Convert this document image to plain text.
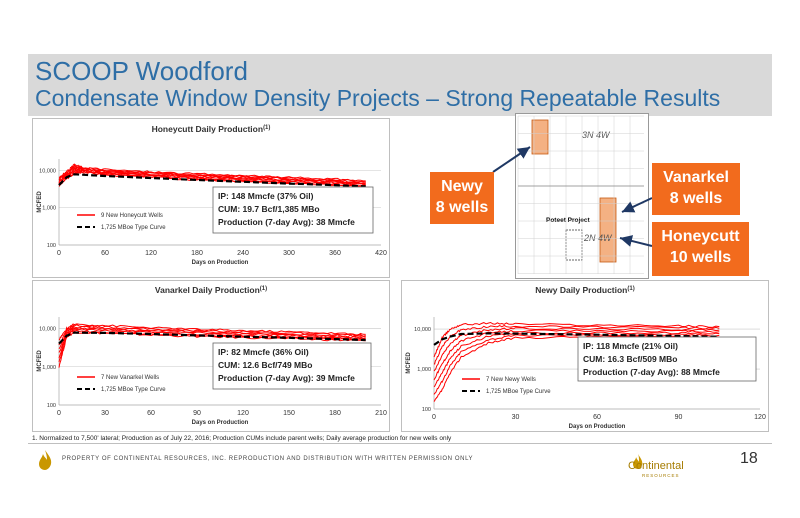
SCOOP Woodford
Condensate Window Density Projects – Strong Repeatable Results
Honeycutt Daily Production$^{(1)}$
100
1,000
10,000
0	60	120	180	240	300	360	420
Days on Production
MCFED
9 New Honeycutt Wells
1,725 MBoe Type Curve
IP: 148 Mmcfe (37% Oil)
CUM: 19.7 Bcf/1,385 MBo
Production (7-day Avg): 38 Mmcfe
Vanarkel Daily Production$^{(1)}$
100
1,000
10,000
0	30	60	90	120	150	180	210
Days on Production
MCFED
7 New Vanarkel Wells
1,725 MBoe Type Curve
IP: 82 Mmcfe (36% Oil)
CUM: 12.6 Bcf/749 MBo
Production (7-day Avg): 39 Mmcfe
Newy Daily Production$^{(1)}$
100
1,000
10,000
0	30	60	90	120
Days on Production
MCFED
7 New Newy Wells
1,725 MBoe Type Curve
IP: 118 Mmcfe (21% Oil)
CUM: 16.3 Bcf/509 MBo
Production (7-day Avg): 88 Mmcfe
3N 4W
Poteet Project
2N 4W
Newy
8 wells
Vanarkel
8 wells
Honeycutt
10 wells
1. Normalized to 7,500' lateral; Production as of July 22, 2016; Production CUMs include parent wells; Daily average production for new wells only
PROPERTY OF CONTINENTAL RESOURCES, INC. REPRODUCTION AND DISTRIBUTION WITH WRITTEN PERMISSION ONLY
Continental
RESOURCES
18
